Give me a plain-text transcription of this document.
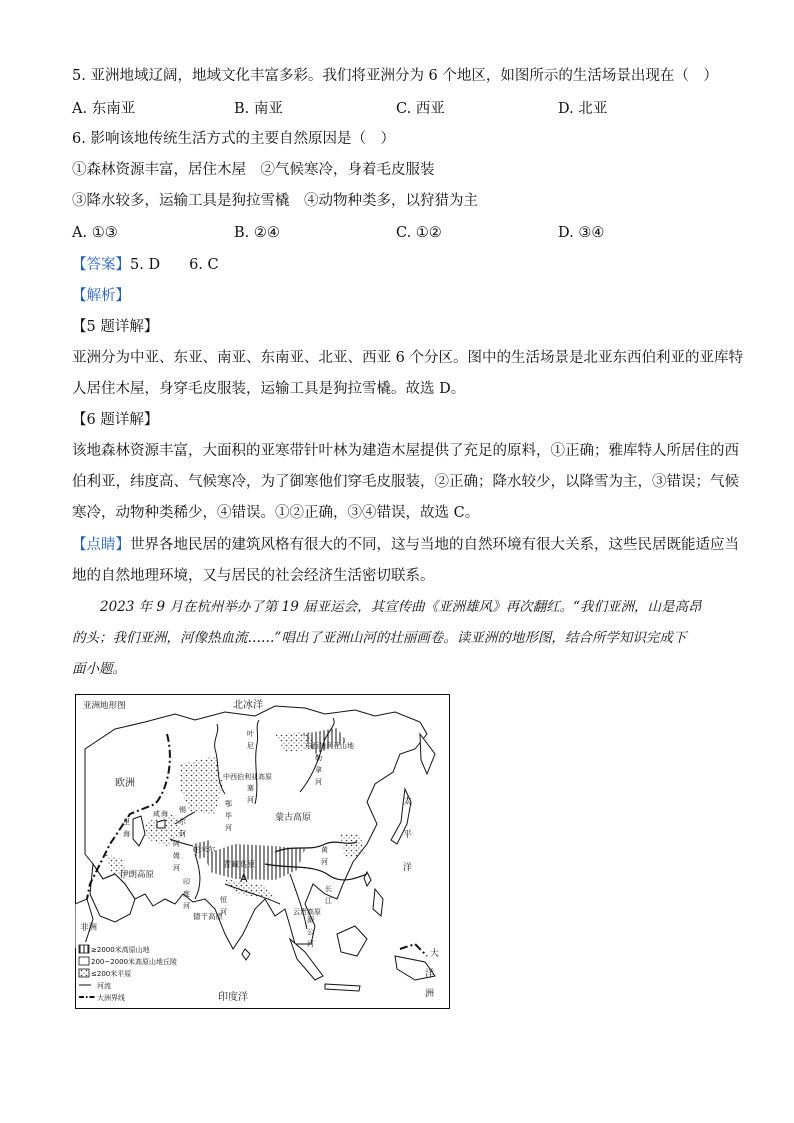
5. 亚洲地域辽阔，地域文化丰富多彩。我们将亚洲分为 6 个地区，如图所示的生活场景出现在（　）
A. 东南亚	B. 南亚	C. 西亚	D. 北亚
6. 影响该地传统生活方式的主要自然原因是（　）
①森林资源丰富，居住木屋　②气候寒冷，身着毛皮服装
③降水较多，运输工具是狗拉雪橇　④动物种类多，以狩猎为主
A. ①③	B. ②④	C. ①②	D. ③④
【答案】5. D　　6. C
【解析】
【5 题详解】
亚洲分为中亚、东亚、南亚、东南亚、北亚、西亚 6 个分区。图中的生活场景是北亚东西伯利亚的亚库特
人居住木屋，身穿毛皮服装，运输工具是狗拉雪橇。故选 D。
【6 题详解】
该地森林资源丰富，大面积的亚寒带针叶林为建造木屋提供了充足的原料，①正确；雅库特人所居住的西
伯利亚，纬度高、气候寒冷，为了御寒他们穿毛皮服装，②正确；降水较少，以降雪为主，③错误；气候
寒冷，动物种类稀少，④错误。①②正确，③④错误，故选 C。
【点睛】世界各地民居的建筑风格有很大的不同，这与当地的自然环境有很大关系，这些民居既能适应当
地的自然地理环境，又与居民的社会经济生活密切联系。
2023 年 9 月在杭州举办了第 19 届亚运会，其宣传曲《亚洲雄风》再次翻红。“我们亚洲，山是高昂
的头；我们亚洲，河像热血流……”唱出了亚洲山河的壮丽画卷。读亚洲的地形图，结合所学知识完成下
面小题。
亚洲地形图	北冰洋
欧洲
东西伯利亚山地
中西伯利亚高原
蒙古高原
青藏高原
A
伊朗高原
德干高原
帕米尔
云贵高原
非洲
印度洋
太
平
洋
鄂
毕
河
叶
尼
塞
河
勒
拿
河
黄
河
长
江
印
度
河
恒
河
锡
尔
河
阿
姆
河
里
海
咸 海
湄
公
河
大
洋
洲
≥2000米高原山地
200~2000米高原山地丘陵
≤200米平原
河流
大洲界线
